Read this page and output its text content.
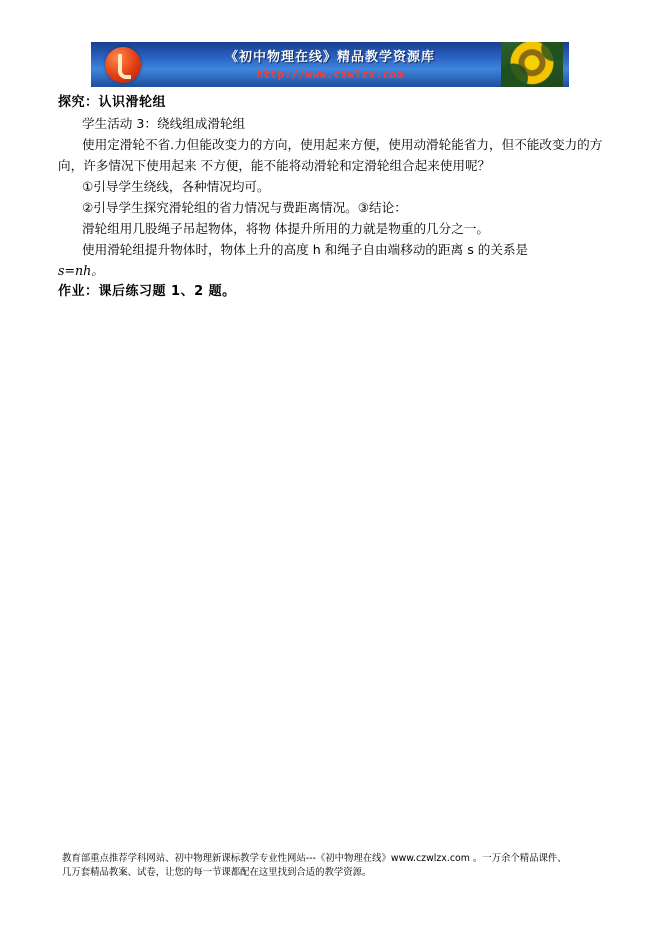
《初中物理在线》精品教学资源库
http://www.czwlzx.com

探究：认识滑轮组

学生活动 3：绕线组成滑轮组

使用定滑轮不省.力但能改变力的方向，使用起来方便，使用动滑轮能省力，但不能改变力的方向，许多情况下使用起来 不方便，能不能将动滑轮和定滑轮组合起来使用呢？

①引导学生绕线，各种情况均可。

②引导学生探究滑轮组的省力情况与费距离情况。③结论：

滑轮组用几股绳子吊起物体，将物 体提升所用的力就是物重的几分之一。

使用滑轮组提升物体时，物体上升的高度 h 和绳子自由端移动的距离 s 的关系是

s=nh。

作业：课后练习题 1、2 题。

教育部重点推荐学科网站、初中物理新课标教学专业性网站---《初中物理在线》www.czwlzx.com 。一万余个精品课件、

几万套精品教案、试卷，让您的每一节课都配在这里找到合适的教学资源。
